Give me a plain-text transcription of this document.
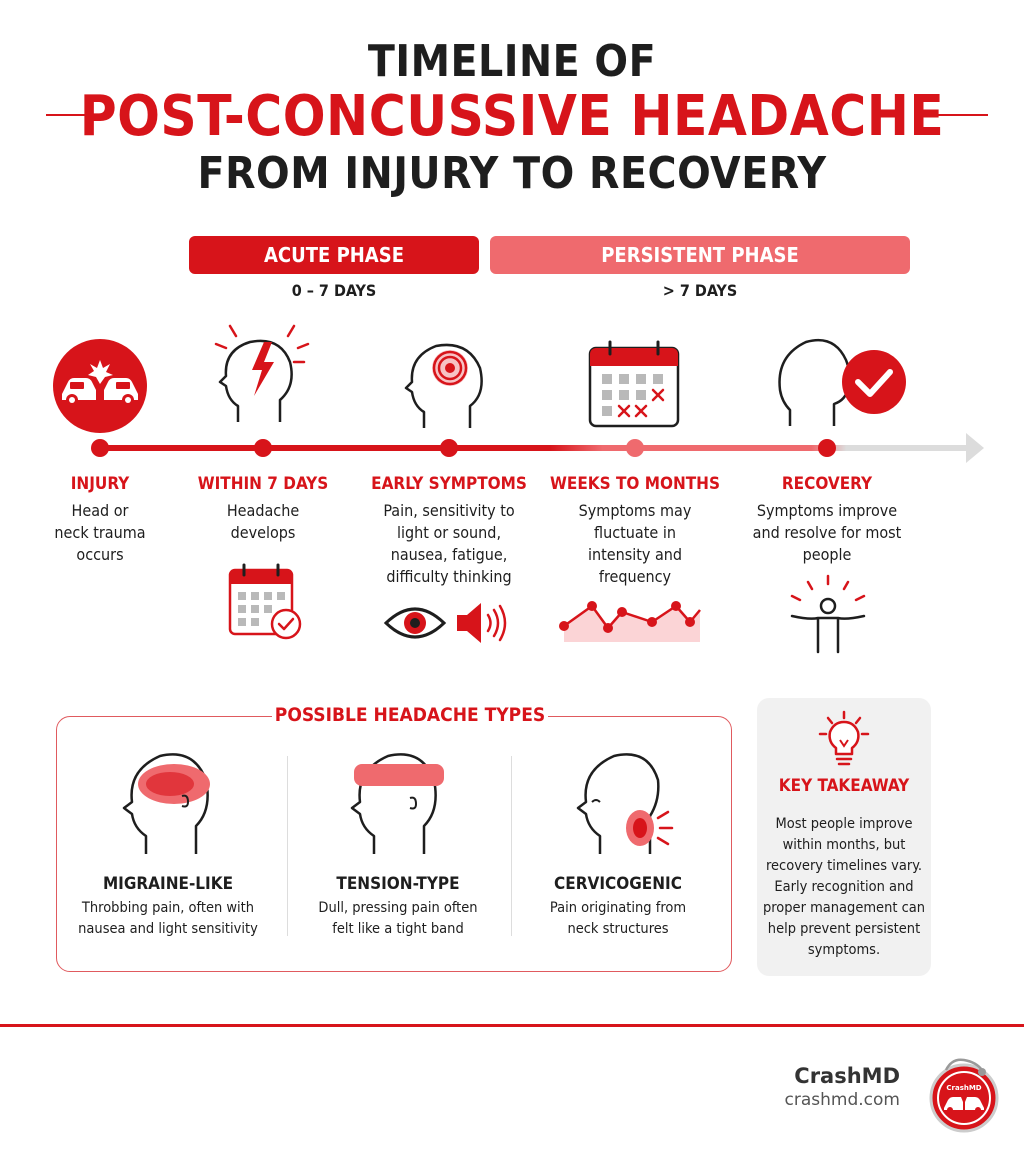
TIMELINE OF
POST-CONCUSSIVE HEADACHE
FROM INJURY TO RECOVERY
ACUTE PHASE	PERSISTENT PHASE
0 – 7 DAYS	> 7 DAYS
INJURY
Head or neck trauma occurs
WITHIN 7 DAYS
Headache develops
EARLY SYMPTOMS
Pain, sensitivity to light or sound, nausea, fatigue, difficulty thinking
WEEKS TO MONTHS
Symptoms may fluctuate in intensity and frequency
RECOVERY
Symptoms improve and resolve for most people
POSSIBLE HEADACHE TYPES
MIGRAINE-LIKE
Throbbing pain, often with nausea and light sensitivity
TENSION-TYPE
Dull, pressing pain often felt like a tight band
CERVICOGENIC
Pain originating from neck structures
KEY TAKEAWAY
Most people improve within months, but recovery timelines vary. Early recognition and proper management can help prevent persistent symptoms.
CrashMD
crashmd.com
CrashMD
